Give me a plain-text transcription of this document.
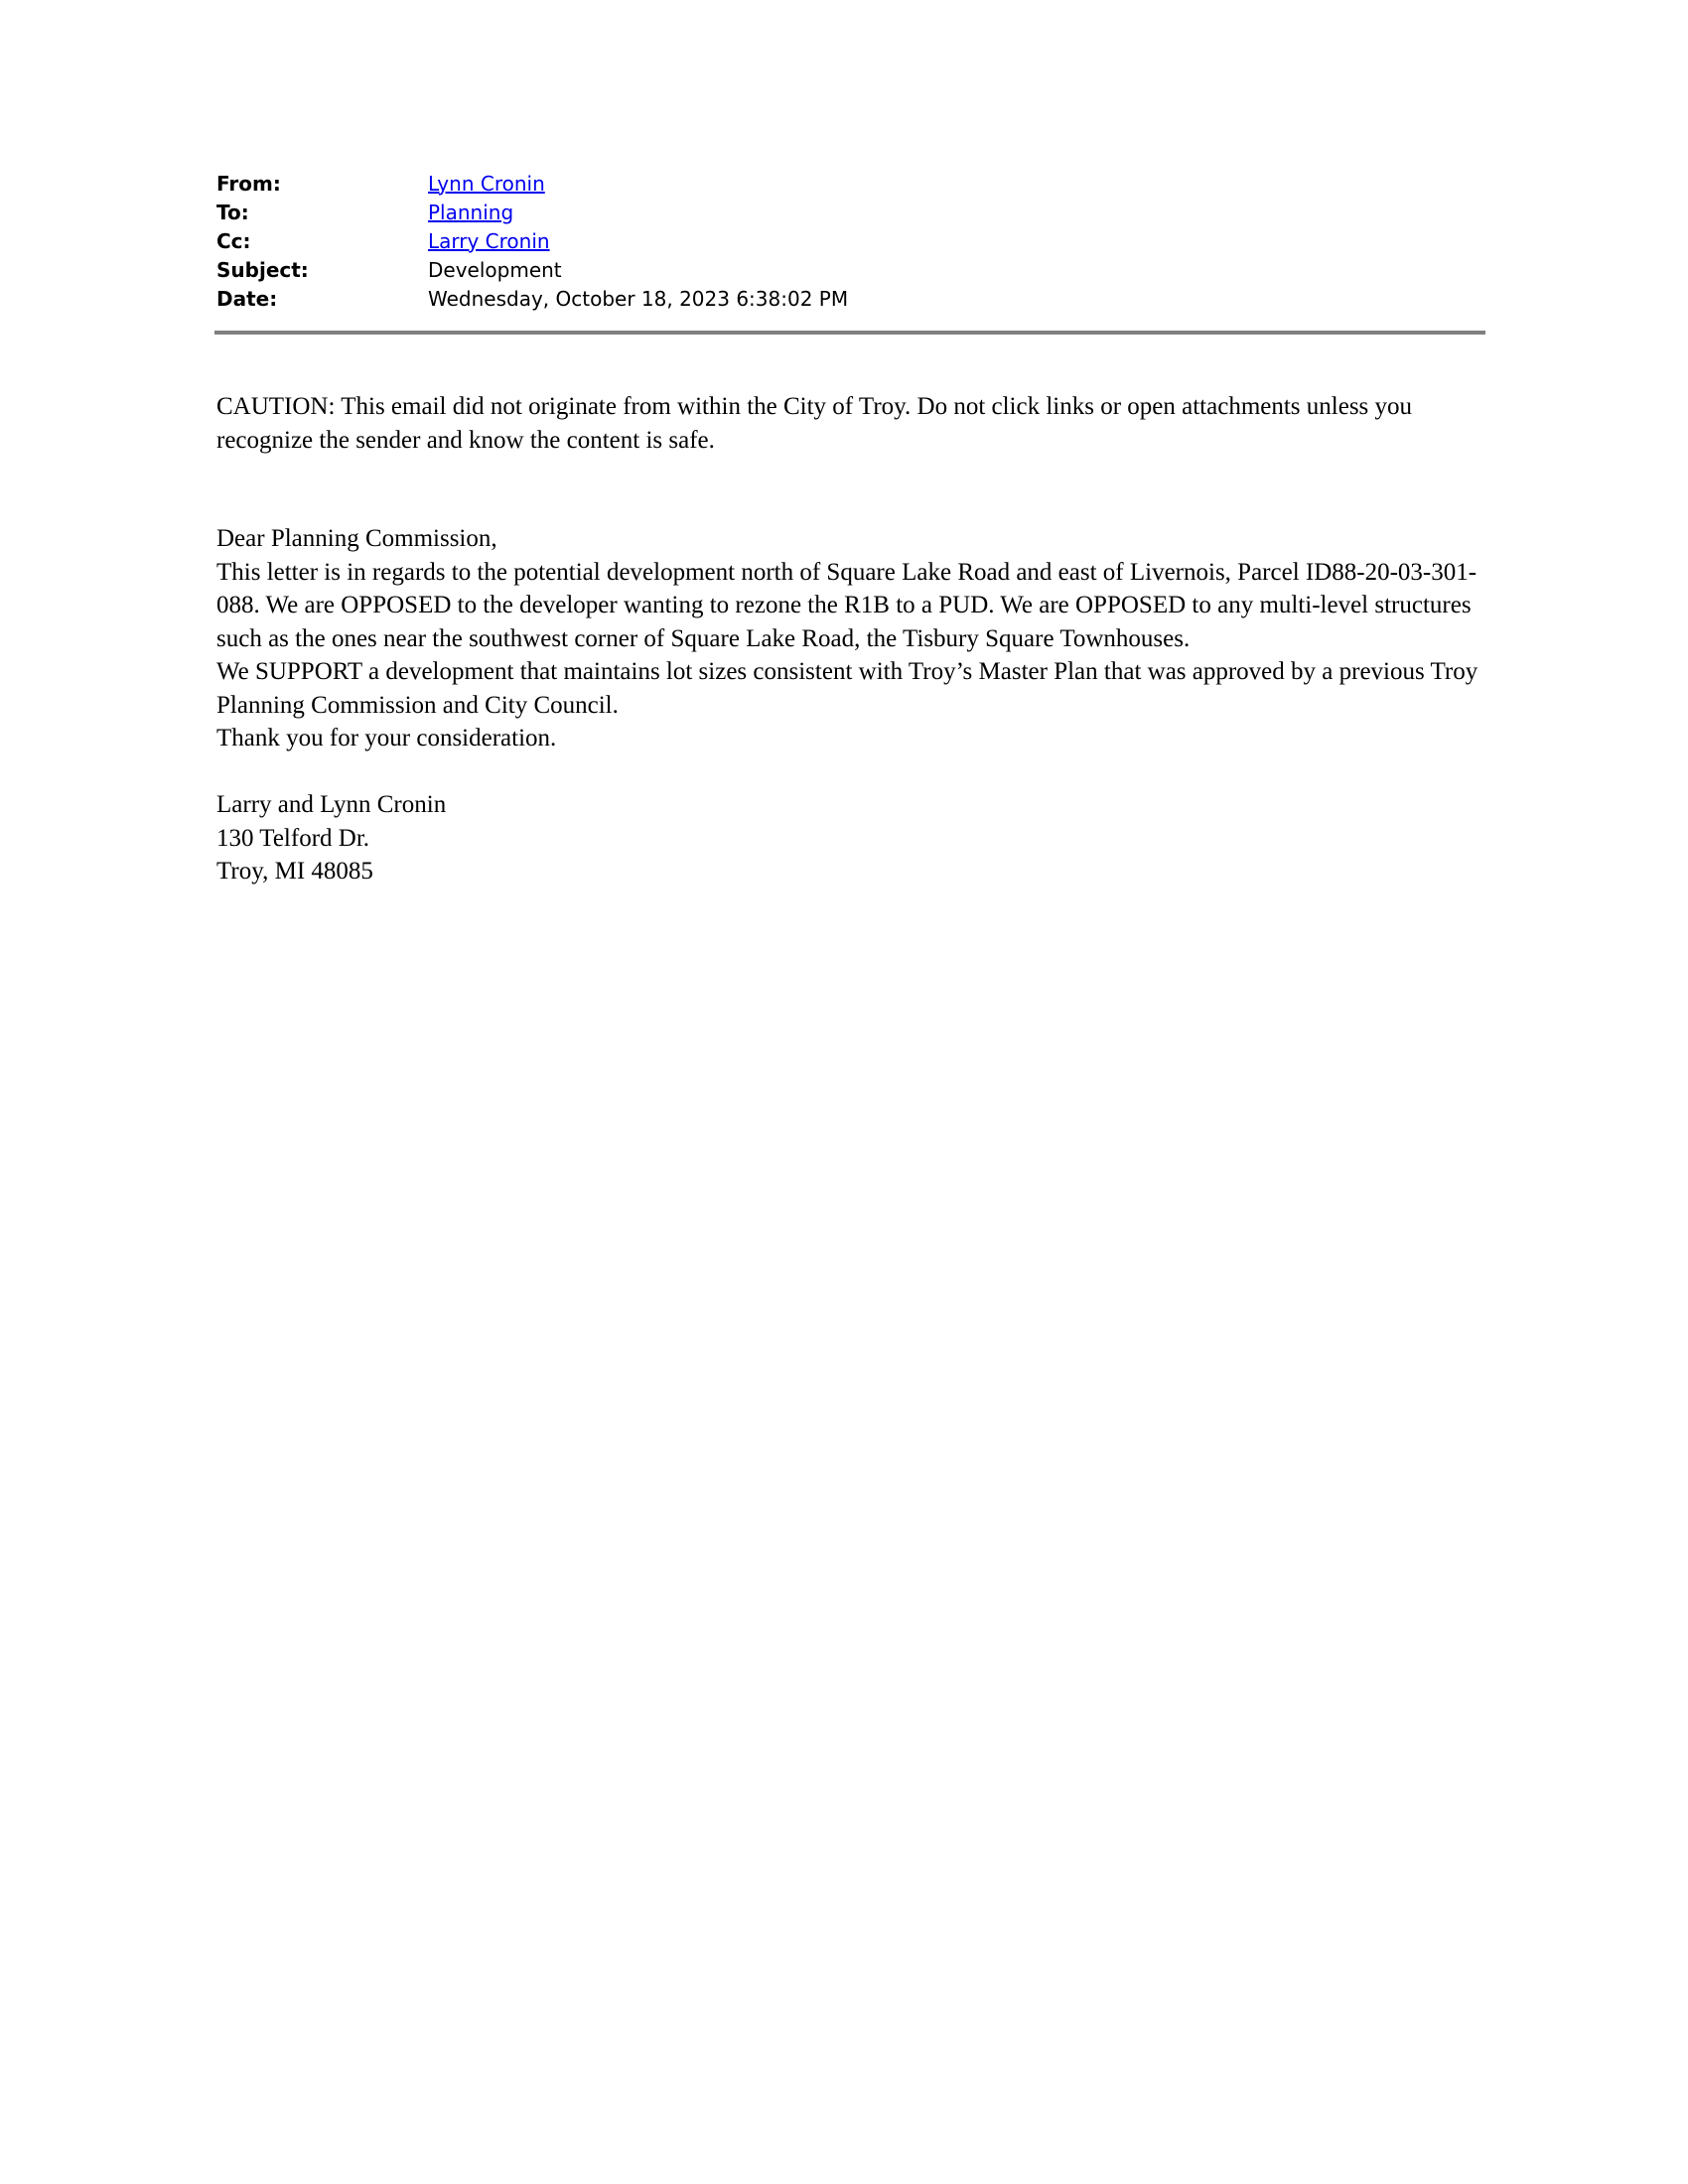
From:	Lynn Cronin
To:	Planning
Cc:	Larry Cronin
Subject:	Development
Date:	Wednesday, October 18, 2023 6:38:02 PM
CAUTION: This email did not originate from within the City of Troy. Do not click links or open attachments unless you recognize the sender and know the content is safe.

Dear Planning Commission,

This letter is in regards to the potential development north of Square Lake Road and east of Livernois, Parcel ID88-20-03-301-088. We are OPPOSED to the developer wanting to rezone the R1B to a PUD. We are OPPOSED to any multi-level structures such as the ones near the southwest corner of Square Lake Road, the Tisbury Square Townhouses.

We SUPPORT a development that maintains lot sizes consistent with Troy’s Master Plan that was approved by a previous Troy Planning Commission and City Council.

Thank you for your consideration.

Larry and Lynn Cronin

130 Telford Dr.

Troy, MI 48085
